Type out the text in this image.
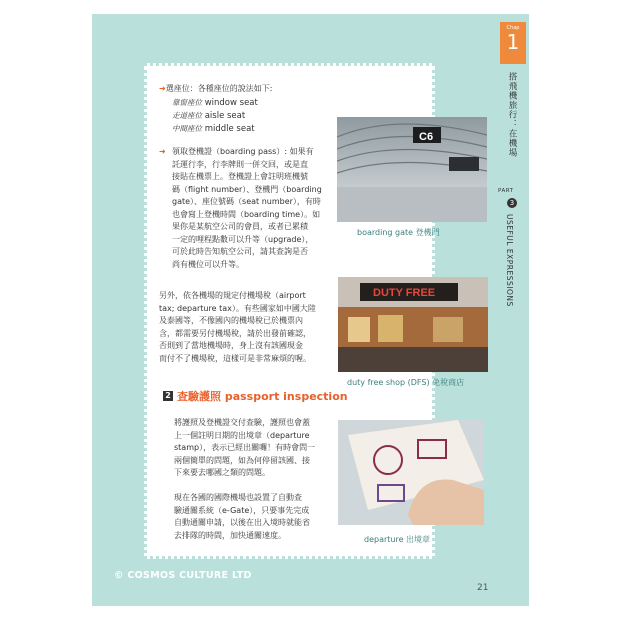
Chap
1
搭飛機旅行：在機場
PART
3
USEFUL EXPRESSIONS
➜選座位：各種座位的說法如下:
靠窗座位 window seat
走道座位 aisle seat
中間座位 middle seat
➜ 領取登機證（boarding pass）: 如果有
託運行李，行李牌則一併交回，或是直
接貼在機票上。登機證上會註明班機號
碼（flight number）、登機門（boarding
gate）、座位號碼（seat number），有時
也會寫上登機時間（boarding time）。如
果你是某航空公司的會員，或者已累積
一定的哩程點數可以升等（upgrade），
可於此時告知航空公司，請其查詢是否
尚有機位可以升等。
另外，依各機場的規定付機場稅（airport
tax; departure tax）。有些國家如中國大陸
及泰國等，不像國內的機場稅已於機票內
含，都需要另付機場稅，請於出發前確認，
否則到了當地機場時，身上沒有該國現金
而付不了機場稅，這樣可是非常麻煩的喔。
2 查驗護照 passport inspection
將護照及登機證交付查驗，護照也會蓋
上一個註明日期的出境章（departure
stamp），表示已經出關囉！有時會問一
兩個簡單的問題，如為何停留該國、接
下來要去哪國之類的問題。
現在各國的國際機場也設置了自動查
驗通關系統（e-Gate），只要事先完成
自動通關申請，以後在出入境時就能省
去排隊的時間，加快通關速度。
C6
boarding gate 登機門
DUTY FREE
duty free shop (DFS) 免稅商店
departure 出境章
© COSMOS CULTURE LTD
21
